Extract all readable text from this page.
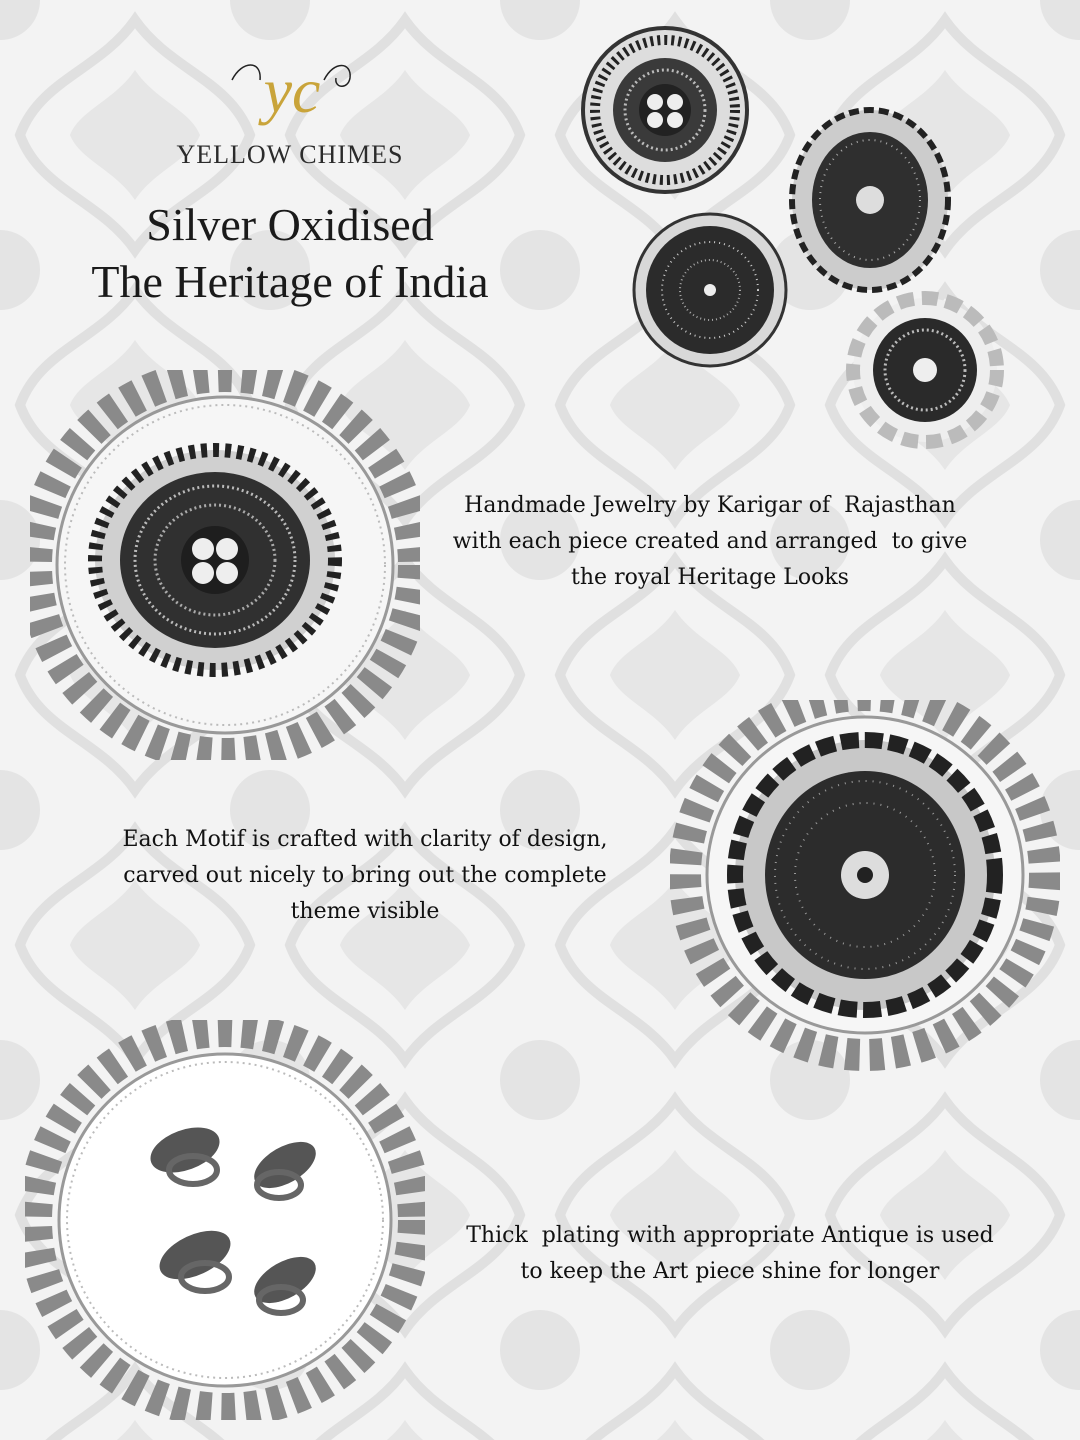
yc
YELLOW CHIMES
Silver Oxidised
The Heritage of India
Handmade Jewelry by Karigar of  Rajasthan
with each piece created and arranged  to give
the royal Heritage Looks
Each Motif is crafted with clarity of design,
carved out nicely to bring out the complete
theme visible
Thick  plating with appropriate Antique is used
to keep the Art piece shine for longer
